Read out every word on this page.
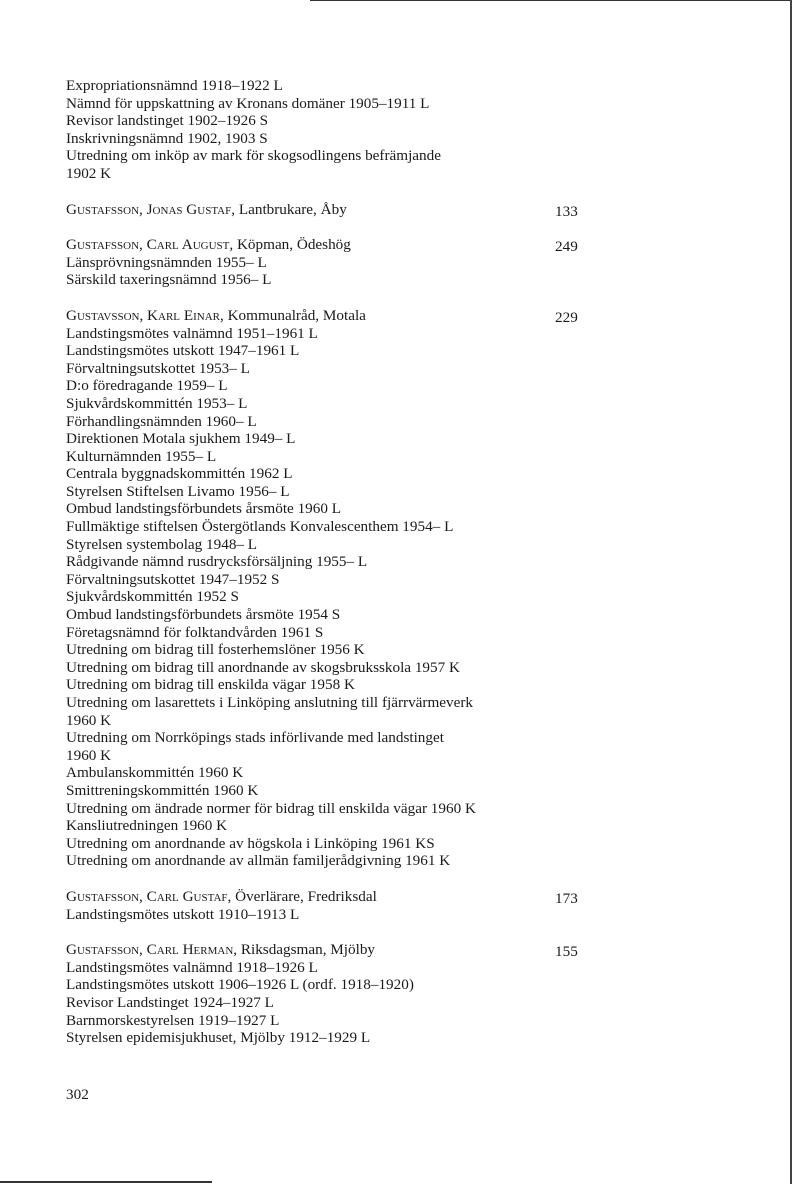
Expropriationsnämnd 1918–1922 L
Nämnd för uppskattning av Kronans domäner 1905–1911 L
Revisor landstinget 1902–1926 S
Inskrivningsnämnd 1902, 1903 S
Utredning om inköp av mark för skogsodlingens befrämjande
1902 K
Gustafsson, Jonas Gustaf, Lantbrukare, Åby	133
Gustafsson, Carl August, Köpman, Ödeshög	249
Länsprövningsnämnden 1955– L
Särskild taxeringsnämnd 1956– L
Gustavsson, Karl Einar, Kommunalråd, Motala	229
Landstingsmötes valnämnd 1951–1961 L
Landstingsmötes utskott 1947–1961 L
Förvaltningsutskottet 1953– L
D:o föredragande 1959– L
Sjukvårdskommittén 1953– L
Förhandlingsnämnden 1960– L
Direktionen Motala sjukhem 1949– L
Kulturnämnden 1955– L
Centrala byggnadskommittén 1962 L
Styrelsen Stiftelsen Livamo 1956– L
Ombud landstingsförbundets årsmöte 1960 L
Fullmäktige stiftelsen Östergötlands Konvalescenthem 1954– L
Styrelsen systembolag 1948– L
Rådgivande nämnd rusdrycksförsäljning 1955– L
Förvaltningsutskottet 1947–1952 S
Sjukvårdskommittén 1952 S
Ombud landstingsförbundets årsmöte 1954 S
Företagsnämnd för folktandvården 1961 S
Utredning om bidrag till fosterhemslöner 1956 K
Utredning om bidrag till anordnande av skogsbruksskola 1957 K
Utredning om bidrag till enskilda vägar 1958 K
Utredning om lasarettets i Linköping anslutning till fjärrvärmeverk
1960 K
Utredning om Norrköpings stads införlivande med landstinget
1960 K
Ambulanskommittén 1960 K
Smittreningskommittén 1960 K
Utredning om ändrade normer för bidrag till enskilda vägar 1960 K
Kansliutredningen 1960 K
Utredning om anordnande av högskola i Linköping 1961 KS
Utredning om anordnande av allmän familjerådgivning 1961 K
Gustafsson, Carl Gustaf, Överlärare, Fredriksdal	173
Landstingsmötes utskott 1910–1913 L
Gustafsson, Carl Herman, Riksdagsman, Mjölby	155
Landstingsmötes valnämnd 1918–1926 L
Landstingsmötes utskott 1906–1926 L (ordf. 1918–1920)
Revisor Landstinget 1924–1927 L
Barnmorskestyrelsen 1919–1927 L
Styrelsen epidemisjukhuset, Mjölby 1912–1929 L
302
